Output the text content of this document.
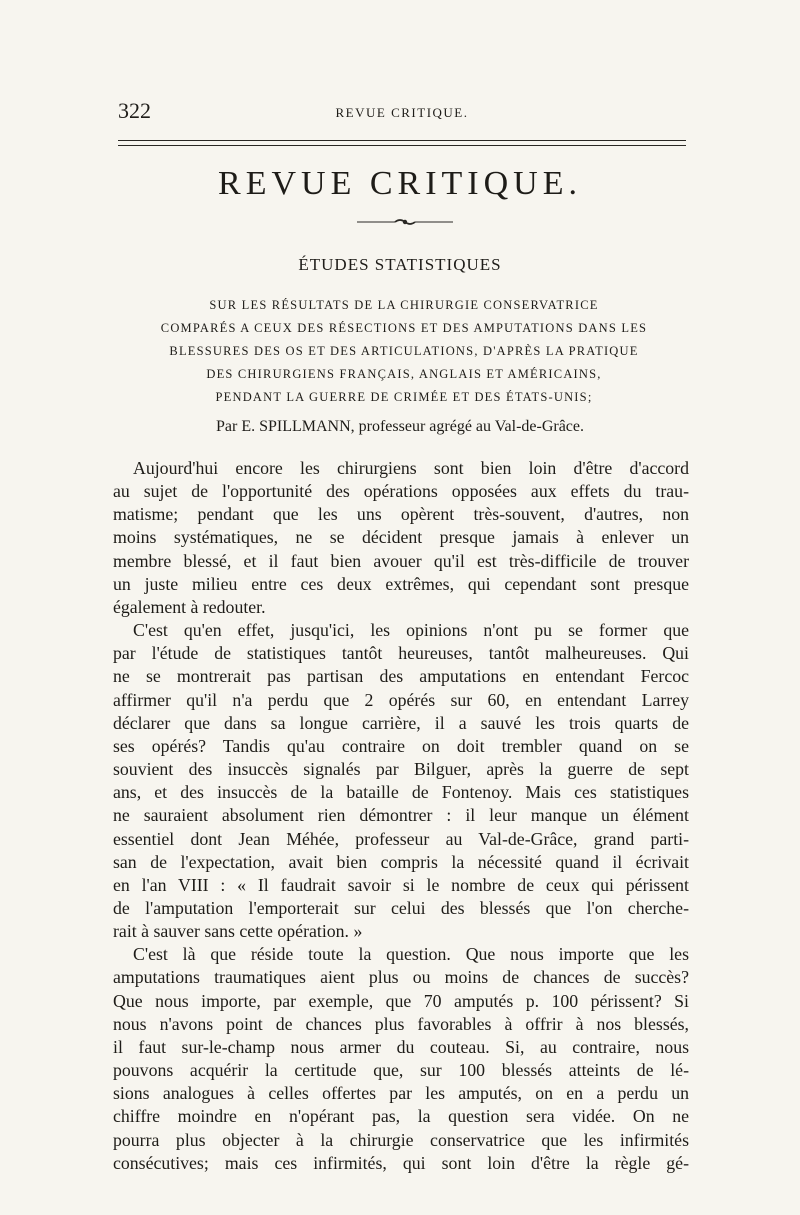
322	REVUE CRITIQUE.
REVUE CRITIQUE.
ÉTUDES STATISTIQUES
SUR LES RÉSULTATS DE LA CHIRURGIE CONSERVATRICE
COMPARÉS A CEUX DES RÉSECTIONS ET DES AMPUTATIONS DANS LES
BLESSURES DES OS ET DES ARTICULATIONS, D'APRÈS LA PRATIQUE
DES CHIRURGIENS FRANÇAIS, ANGLAIS ET AMÉRICAINS,
PENDANT LA GUERRE DE CRIMÉE ET DES ÉTATS-UNIS;
Par E. SPILLMANN, professeur agrégé au Val-de-Grâce.
Aujourd'hui encore les chirurgiens sont bien loin d'être d'accord
au sujet de l'opportunité des opérations opposées aux effets du trau-
matisme; pendant que les uns opèrent très-souvent, d'autres, non
moins systématiques, ne se décident presque jamais à enlever un
membre blessé, et il faut bien avouer qu'il est très-difficile de trouver
un juste milieu entre ces deux extrêmes, qui cependant sont presque
également à redouter.
C'est qu'en effet, jusqu'ici, les opinions n'ont pu se former que
par l'étude de statistiques tantôt heureuses, tantôt malheureuses. Qui
ne se montrerait pas partisan des amputations en entendant Fercoc
affirmer qu'il n'a perdu que 2 opérés sur 60, en entendant Larrey
déclarer que dans sa longue carrière, il a sauvé les trois quarts de
ses opérés? Tandis qu'au contraire on doit trembler quand on se
souvient des insuccès signalés par Bilguer, après la guerre de sept
ans, et des insuccès de la bataille de Fontenoy. Mais ces statistiques
ne sauraient absolument rien démontrer : il leur manque un élément
essentiel dont Jean Méhée, professeur au Val-de-Grâce, grand parti-
san de l'expectation, avait bien compris la nécessité quand il écrivait
en l'an VIII : « Il faudrait savoir si le nombre de ceux qui périssent
de l'amputation l'emporterait sur celui des blessés que l'on cherche-
rait à sauver sans cette opération. »
C'est là que réside toute la question. Que nous importe que les
amputations traumatiques aient plus ou moins de chances de succès?
Que nous importe, par exemple, que 70 amputés p. 100 périssent? Si
nous n'avons point de chances plus favorables à offrir à nos blessés,
il faut sur-le-champ nous armer du couteau. Si, au contraire, nous
pouvons acquérir la certitude que, sur 100 blessés atteints de lé-
sions analogues à celles offertes par les amputés, on en a perdu un
chiffre moindre en n'opérant pas, la question sera vidée. On ne
pourra plus objecter à la chirurgie conservatrice que les infirmités
consécutives; mais ces infirmités, qui sont loin d'être la règle gé-
